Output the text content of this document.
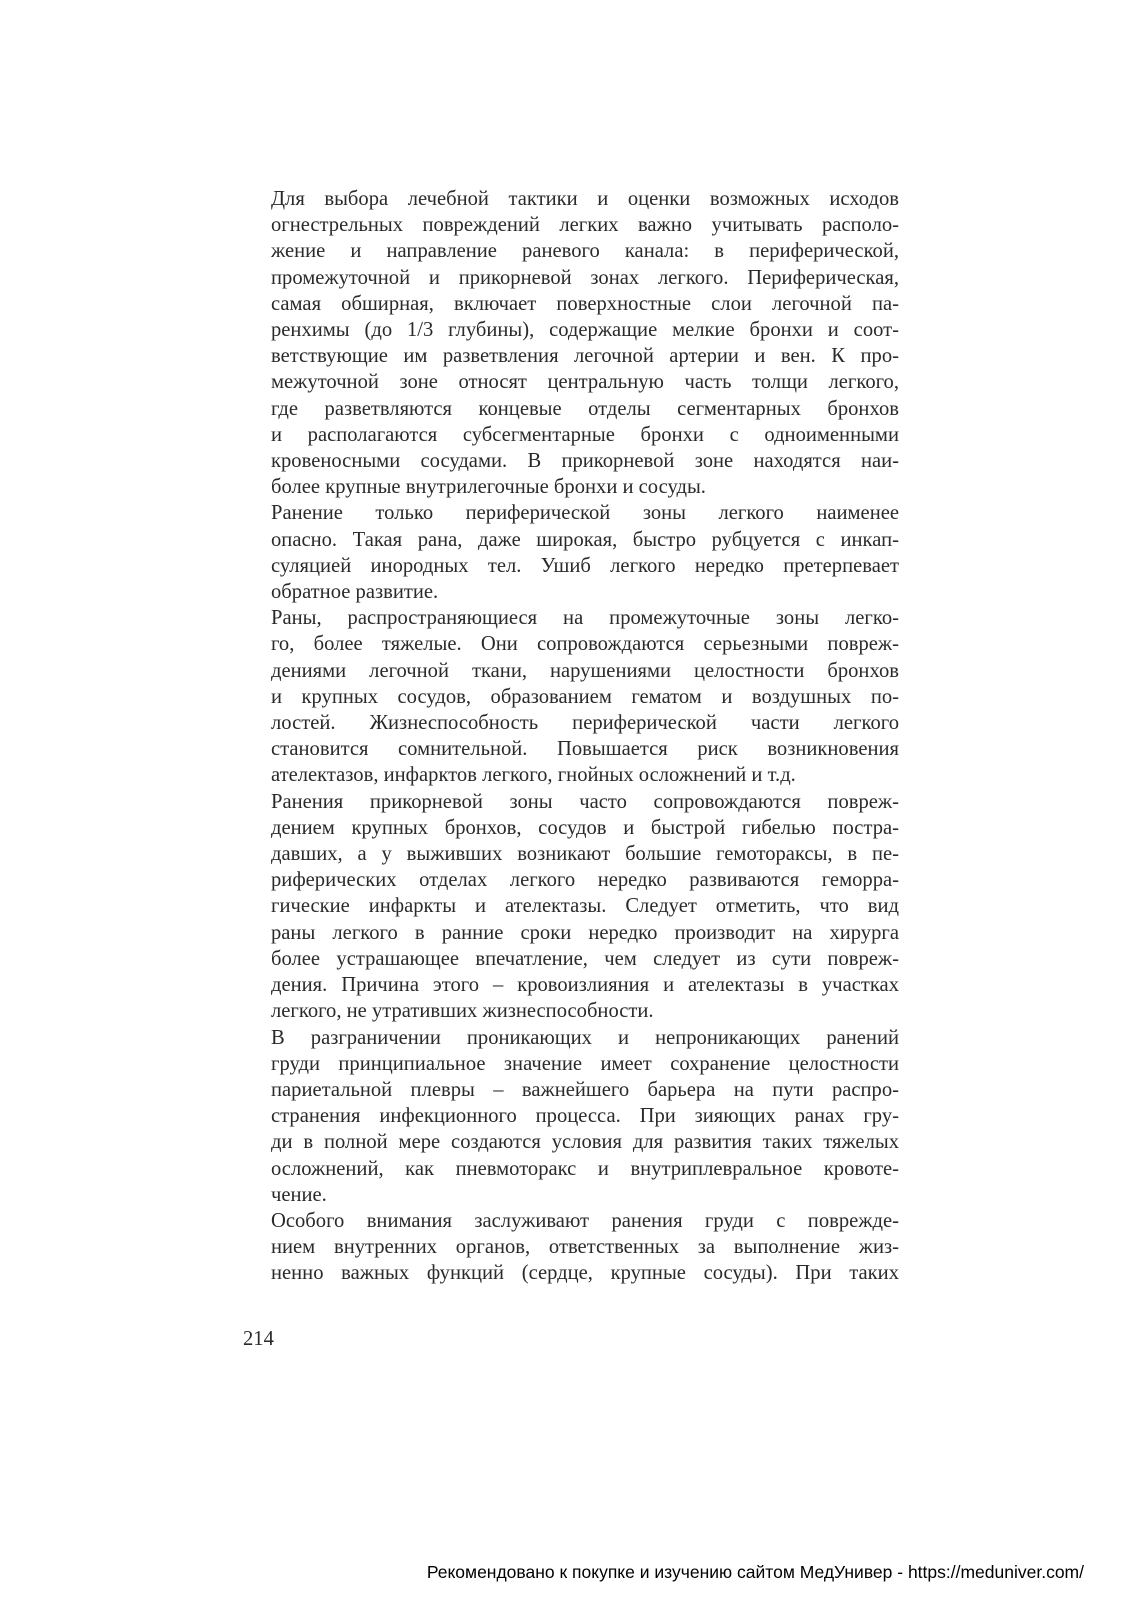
Для выбора лечебной тактики и оценки возможных исходов
огнестрельных повреждений легких важно учитывать располо-
жение и направление раневого канала: в периферической,
промежуточной и прикорневой зонах легкого. Периферическая,
самая обширная, включает поверхностные слои легочной па-
ренхимы (до 1/3 глубины), содержащие мелкие бронхи и соот-
ветствующие им разветвления легочной артерии и вен. К про-
межуточной зоне относят центральную часть толщи легкого,
где разветвляются концевые отделы сегментарных бронхов
и располагаются субсегментарные бронхи с одноименными
кровеносными сосудами. В прикорневой зоне находятся наи-
более крупные внутрилегочные бронхи и сосуды.

Ранение только периферической зоны легкого наименее
опасно. Такая рана, даже широкая, быстро рубцуется с инкап-
суляцией инородных тел. Ушиб легкого нередко претерпевает
обратное развитие.

Раны, распространяющиеся на промежуточные зоны легко-
го, более тяжелые. Они сопровождаются серьезными повреж-
дениями легочной ткани, нарушениями целостности бронхов
и крупных сосудов, образованием гематом и воздушных по-
лостей. Жизнеспособность периферической части легкого
становится сомнительной. Повышается риск возникновения
ателектазов, инфарктов легкого, гнойных осложнений и т.д.

Ранения прикорневой зоны часто сопровождаются повреж-
дением крупных бронхов, сосудов и быстрой гибелью пострa-
давших, а у выживших возникают большие гемотораксы, в пе-
риферических отделах легкого нередко развиваются геморра-
гические инфаркты и ателектазы. Следует отметить, что вид
раны легкого в ранние сроки нередко производит на хирурга
более устрашающее впечатление, чем следует из сути повреж-
дения. Причина этого – кровоизлияния и ателектазы в участках
легкого, не утративших жизнеспособности.

В разграничении проникающих и непроникающих ранений
груди принципиальное значение имеет сохранение целостности
париетальной плевры – важнейшего барьера на пути распро-
странения инфекционного процесса. При зияющих ранах гру-
ди в полной мере создаются условия для развития таких тяжелых
осложнений, как пневмоторакс и внутриплевральное кровоте-
чение.

Особого внимания заслуживают ранения груди с поврежде-
нием внутренних органов, ответственных за выполнение жиз-
ненно важных функций (сердце, крупные сосуды). При таких

214
Рекомендовано к покупке и изучению сайтом МедУнивер - https://meduniver.com/
